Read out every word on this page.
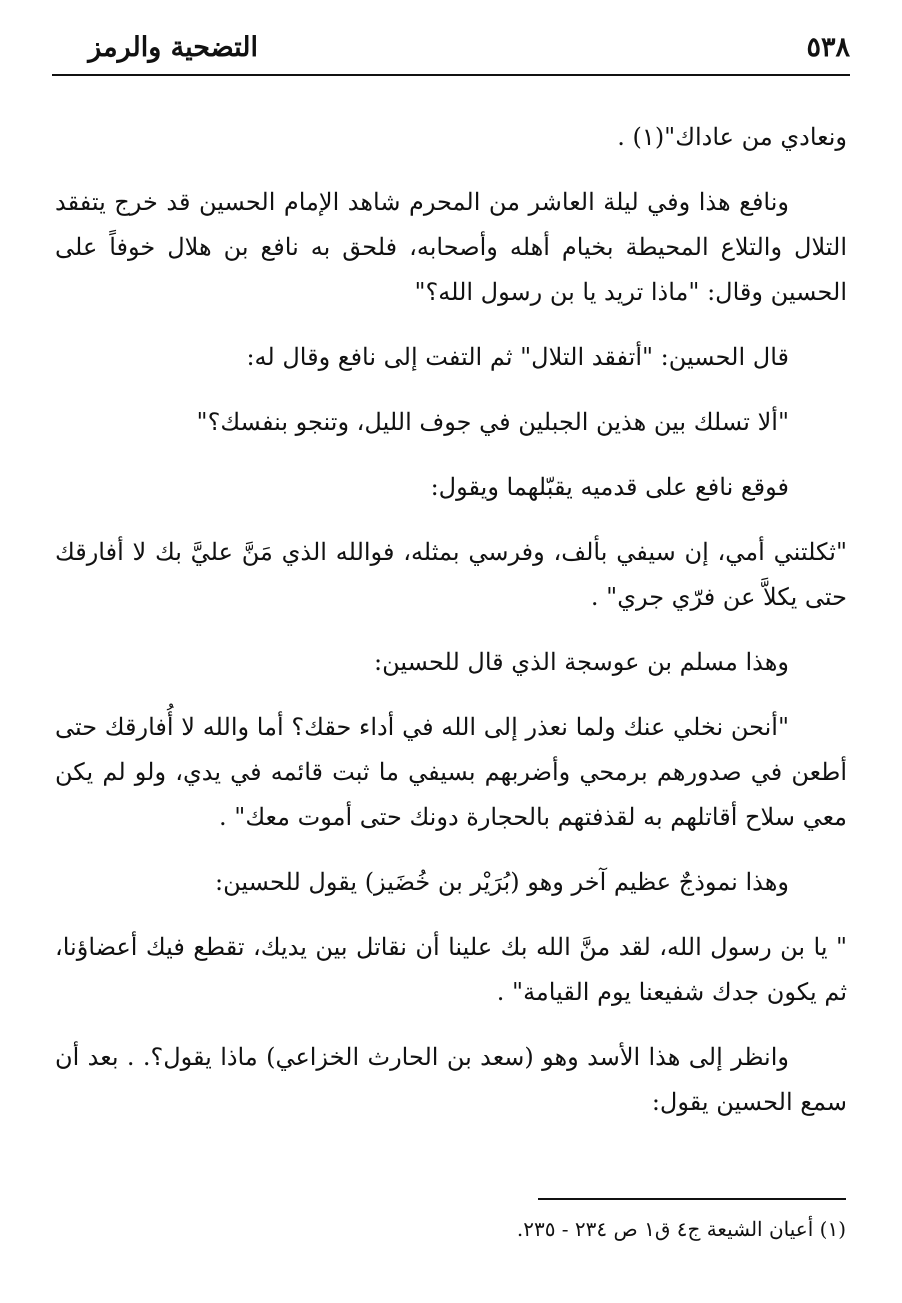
٥٣٨
التضحية والرمز

ونعادي من عاداك"(١) .

ونافع هذا وفي ليلة العاشر من المحرم شاهد الإمام الحسين قد خرج يتفقد التلال والتلاع المحيطة بخيام أهله وأصحابه، فلحق به نافع بن هلال خوفاً على الحسين وقال: "ماذا تريد يا بن رسول الله؟"

قال الحسين: "أتفقد التلال" ثم التفت إلى نافع وقال له:

"ألا تسلك بين هذين الجبلين في جوف الليل، وتنجو بنفسك؟"

فوقع نافع على قدميه يقبّلهما ويقول:

"ثكلتني أمي، إن سيفي بألف، وفرسي بمثله، فوالله الذي مَنَّ عليَّ بك لا أفارقك حتى يكلاَّ عن فرّي جري" .

وهذا مسلم بن عوسجة الذي قال للحسين:

"أنحن نخلي عنك ولما نعذر إلى الله في أداء حقك؟ أما والله لا أُفارقك حتى أطعن في صدورهم برمحي وأضربهم بسيفي ما ثبت قائمه في يدي، ولو لم يكن معي سلاح أقاتلهم به لقذفتهم بالحجارة دونك حتى أموت معك" .

وهذا نموذجٌ عظيم آخر وهو (بُرَيْر بن خُضَيز) يقول للحسين:

" يا بن رسول الله، لقد منَّ الله بك علينا أن نقاتل بين يديك، تقطع فيك أعضاؤنا، ثم يكون جدك شفيعنا يوم القيامة" .

وانظر إلى هذا الأسد وهو (سعد بن الحارث الخزاعي) ماذا يقول؟. . بعد أن سمع الحسين يقول:

(١) أعيان الشيعة ج٤ ق١ ص ٢٣٤ - ٢٣٥.
